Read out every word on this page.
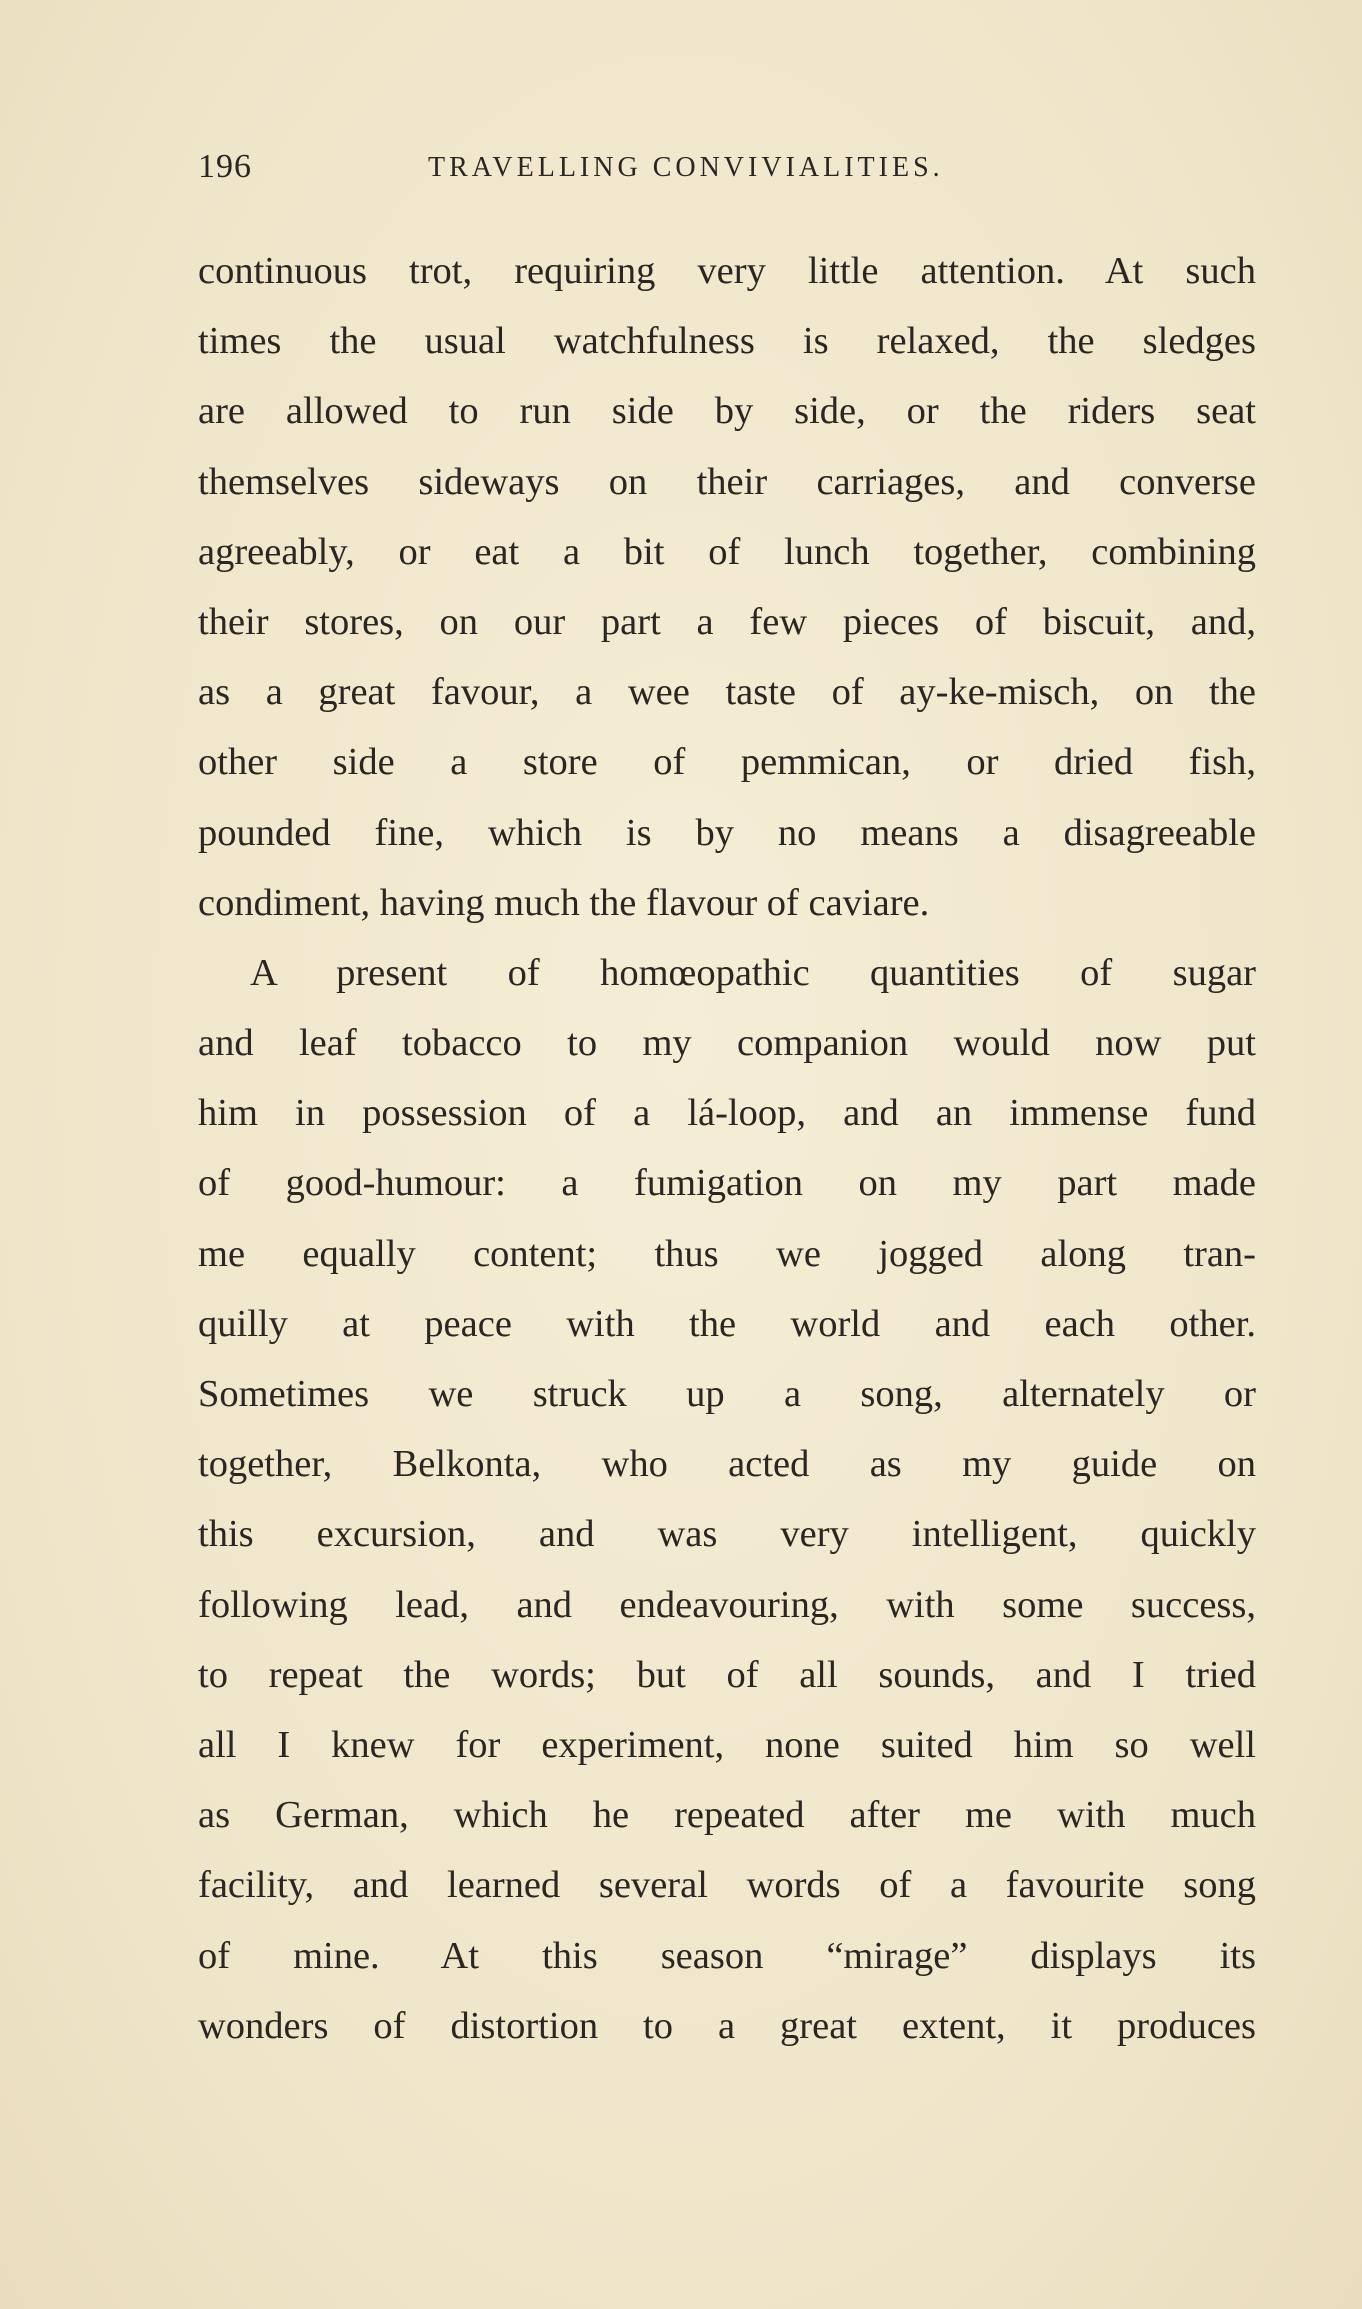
196	TRAVELLING CONVIVIALITIES.
continuous trot, requiring very little attention. At such
times the usual watchfulness is relaxed, the sledges
are allowed to run side by side, or the riders seat
themselves sideways on their carriages, and converse
agreeably, or eat a bit of lunch together, combining
their stores, on our part a few pieces of biscuit, and,
as a great favour, a wee taste of ay-ke-misch, on the
other side a store of pemmican, or dried fish,
pounded fine, which is by no means a disagreeable
condiment, having much the flavour of caviare.
A present of homœopathic quantities of sugar
and leaf tobacco to my companion would now put
him in possession of a lá-loop, and an immense fund
of good-humour: a fumigation on my part made
me equally content; thus we jogged along tran-
quilly at peace with the world and each other.
Sometimes we struck up a song, alternately or
together, Belkonta, who acted as my guide on
this excursion, and was very intelligent, quickly
following lead, and endeavouring, with some success,
to repeat the words; but of all sounds, and I tried
all I knew for experiment, none suited him so well
as German, which he repeated after me with much
facility, and learned several words of a favourite song
of mine. At this season “mirage” displays its
wonders of distortion to a great extent, it produces
